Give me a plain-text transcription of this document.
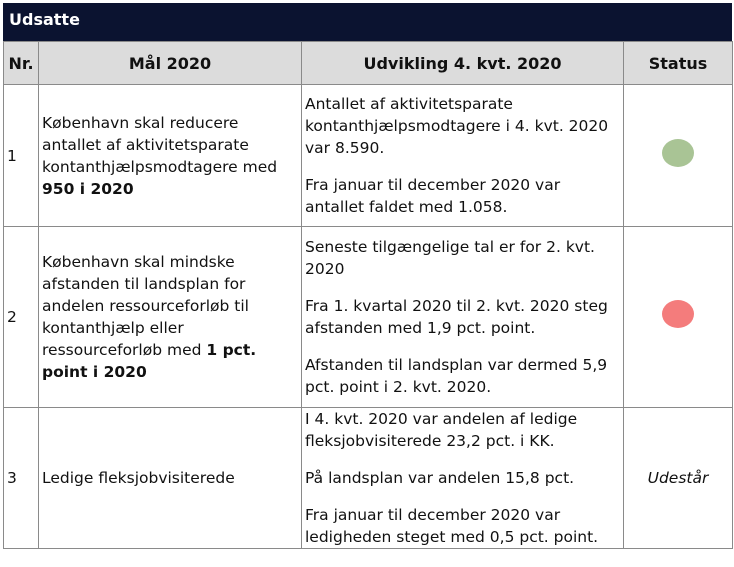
Udsatte
Nr.	Mål 2020	Udvikling 4. kvt. 2020	Status
1	København skal reducere antallet af aktivitetsparate kontanthjælpsmodtagere med 950 i 2020	Antallet af aktivitetsparate kontanthjælpsmodtagere i 4. kvt. 2020 var 8.590.

Fra januar til december 2020 var antallet faldet med 1.058.	

2	København skal mindske afstanden til landsplan for andelen ressourceforløb til kontanthjælp eller ressourceforløb med 1 pct. point i 2020	Seneste tilgængelige tal er for 2. kvt. 2020

Fra 1. kvartal 2020 til 2. kvt. 2020 steg afstanden med 1,9 pct. point.

Afstanden til landsplan var dermed 5,9 pct. point i 2. kvt. 2020.	

3	Ledige fleksjobvisiterede	I 4. kvt. 2020 var andelen af ledige fleksjobvisiterede 23,2 pct. i KK.

På landsplan var andelen 15,8 pct.

Fra januar til december 2020 var ledigheden steget med 0,5 pct. point.	Udestår
